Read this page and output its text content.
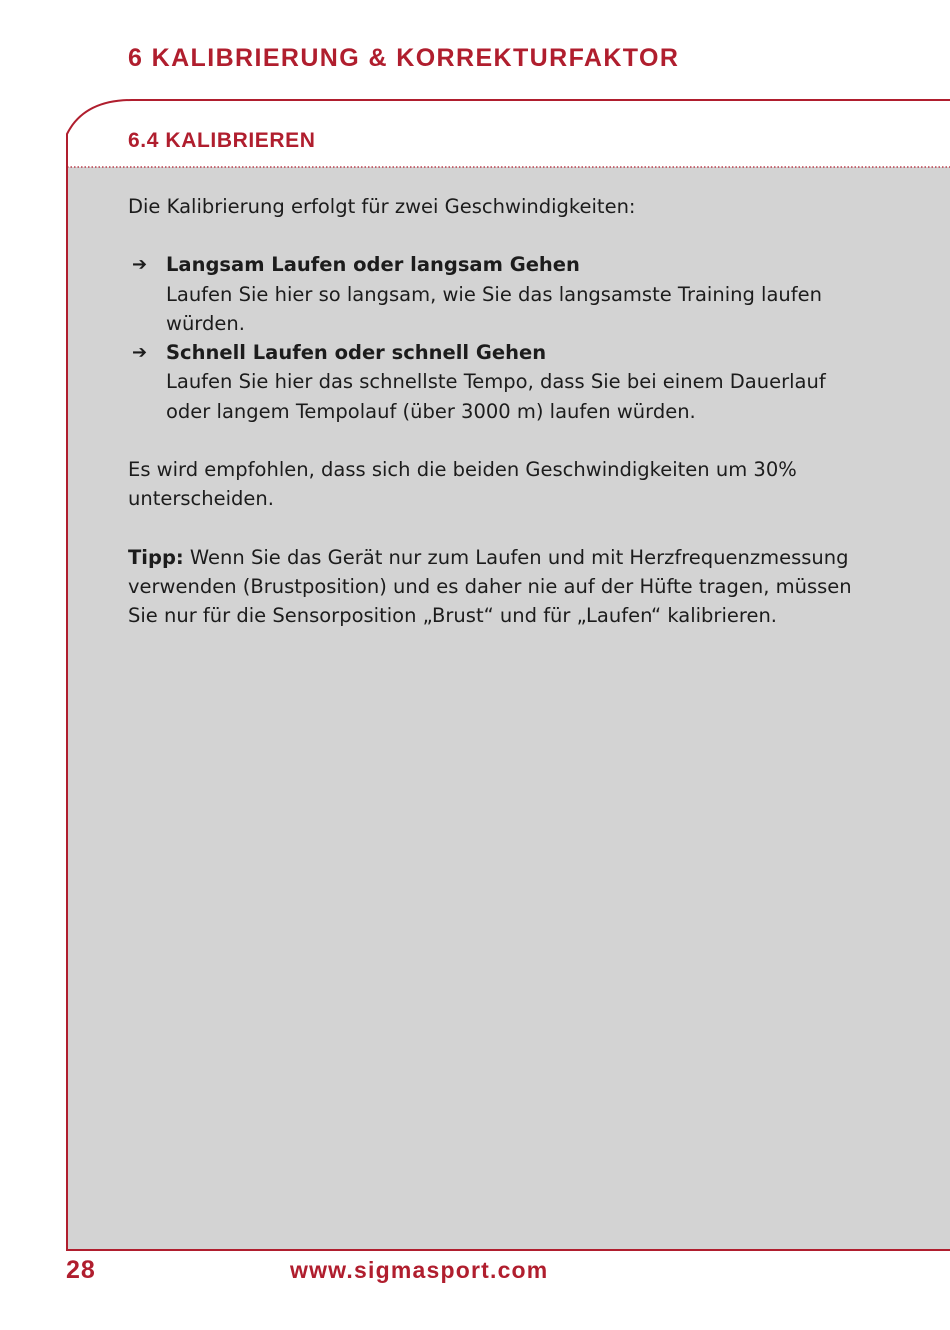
6 KALIBRIERUNG & KORREKTURFAKTOR
6.4 KALIBRIEREN

Die Kalibrierung erfolgt für zwei Geschwindigkeiten:

➔ Langsam Laufen oder langsam Gehen
Laufen Sie hier so langsam, wie Sie das langsamste Training laufen würden.
➔ Schnell Laufen oder schnell Gehen
Laufen Sie hier das schnellste Tempo, dass Sie bei einem Dauerlauf oder langem Tempolauf (über 3000 m) laufen würden.

Es wird empfohlen, dass sich die beiden Geschwindigkeiten um 30% unterscheiden.

Tipp: Wenn Sie das Gerät nur zum Laufen und mit Herzfrequenzmessung verwenden (Brustposition) und es daher nie auf der Hüfte tragen, müssen Sie nur für die Sensorposition „Brust“ und für „Laufen“ kalibrieren.

28	www.sigmasport.com
